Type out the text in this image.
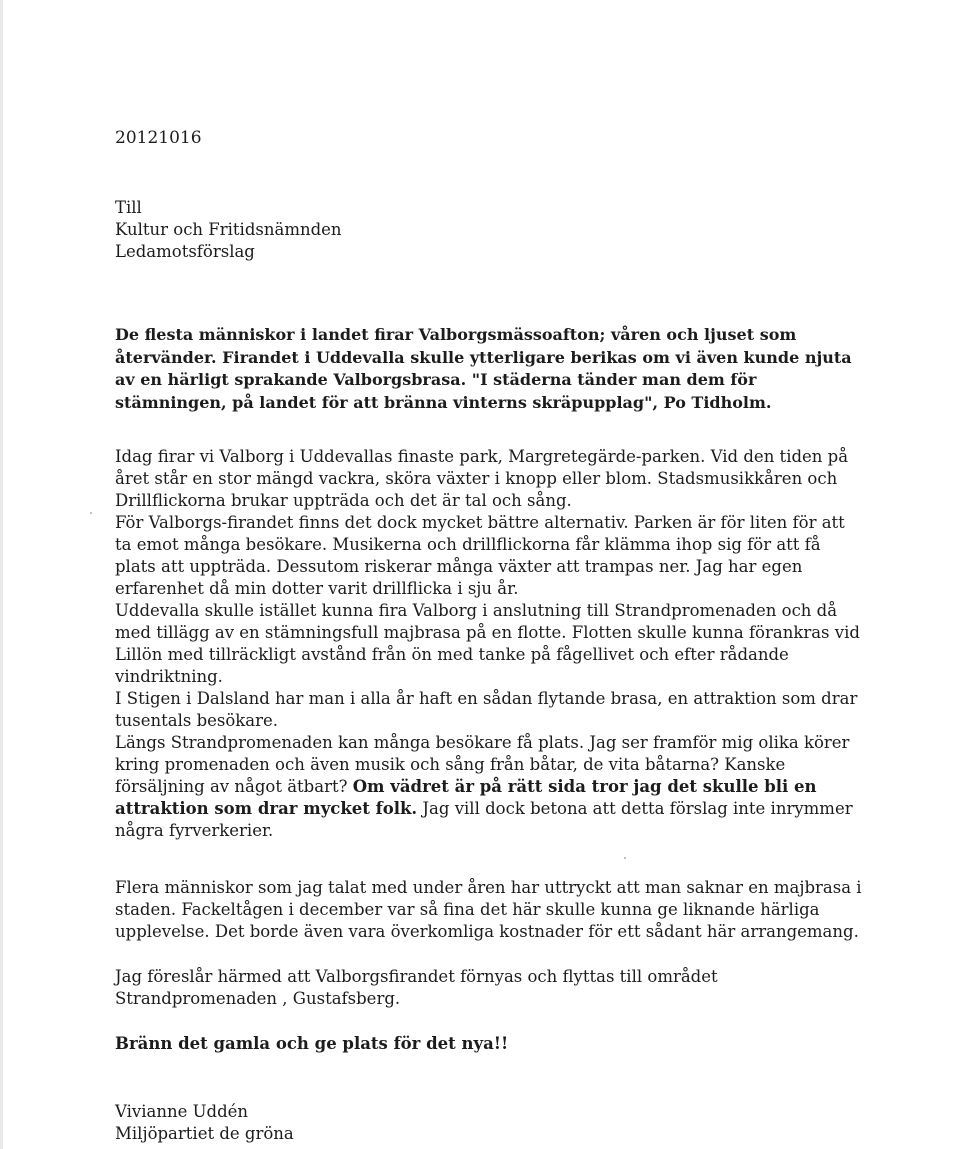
20121016
Till
Kultur och Fritidsnämnden
Ledamotsförslag
De flesta människor i landet firar Valborgsmässoafton; våren och ljuset som
återvänder. Firandet i Uddevalla skulle ytterligare berikas om vi även kunde njuta
av en härligt sprakande Valborgsbrasa. "I städerna tänder man dem för
stämningen, på landet för att bränna vinterns skräpupplag", Po Tidholm.
Idag firar vi Valborg i Uddevallas finaste park, Margretegärde-parken. Vid den tiden på
året står en stor mängd vackra, sköra växter i knopp eller blom. Stadsmusikkåren och
Drillflickorna brukar uppträda och det är tal och sång.
För Valborgs-firandet finns det dock mycket bättre alternativ. Parken är för liten för att
ta emot många besökare. Musikerna och drillflickorna får klämma ihop sig för att få
plats att uppträda. Dessutom riskerar många växter att trampas ner. Jag har egen
erfarenhet då min dotter varit drillflicka i sju år.
Uddevalla skulle istället kunna fira Valborg i anslutning till Strandpromenaden och då
med tillägg av en stämningsfull majbrasa på en flotte. Flotten skulle kunna förankras vid
Lillön med tillräckligt avstånd från ön med tanke på fågellivet och efter rådande
vindriktning.
I Stigen i Dalsland har man i alla år haft en sådan flytande brasa, en attraktion som drar
tusentals besökare.
Längs Strandpromenaden kan många besökare få plats. Jag ser framför mig olika körer
kring promenaden och även musik och sång från båtar, de vita båtarna? Kanske
försäljning av något ätbart? Om vädret är på rätt sida tror jag det skulle bli en
attraktion som drar mycket folk. Jag vill dock betona att detta förslag inte inrymmer
några fyrverkerier.
Flera människor som jag talat med under åren har uttryckt att man saknar en majbrasa i
staden. Fackeltågen i december var så fina det här skulle kunna ge liknande härliga
upplevelse. Det borde även vara överkomliga kostnader för ett sådant här arrangemang.
Jag föreslår härmed att Valborgsfirandet förnyas och flyttas till området
Strandpromenaden , Gustafsberg.
Bränn det gamla och ge plats för det nya!!
Vivianne Uddén
Miljöpartiet de gröna
